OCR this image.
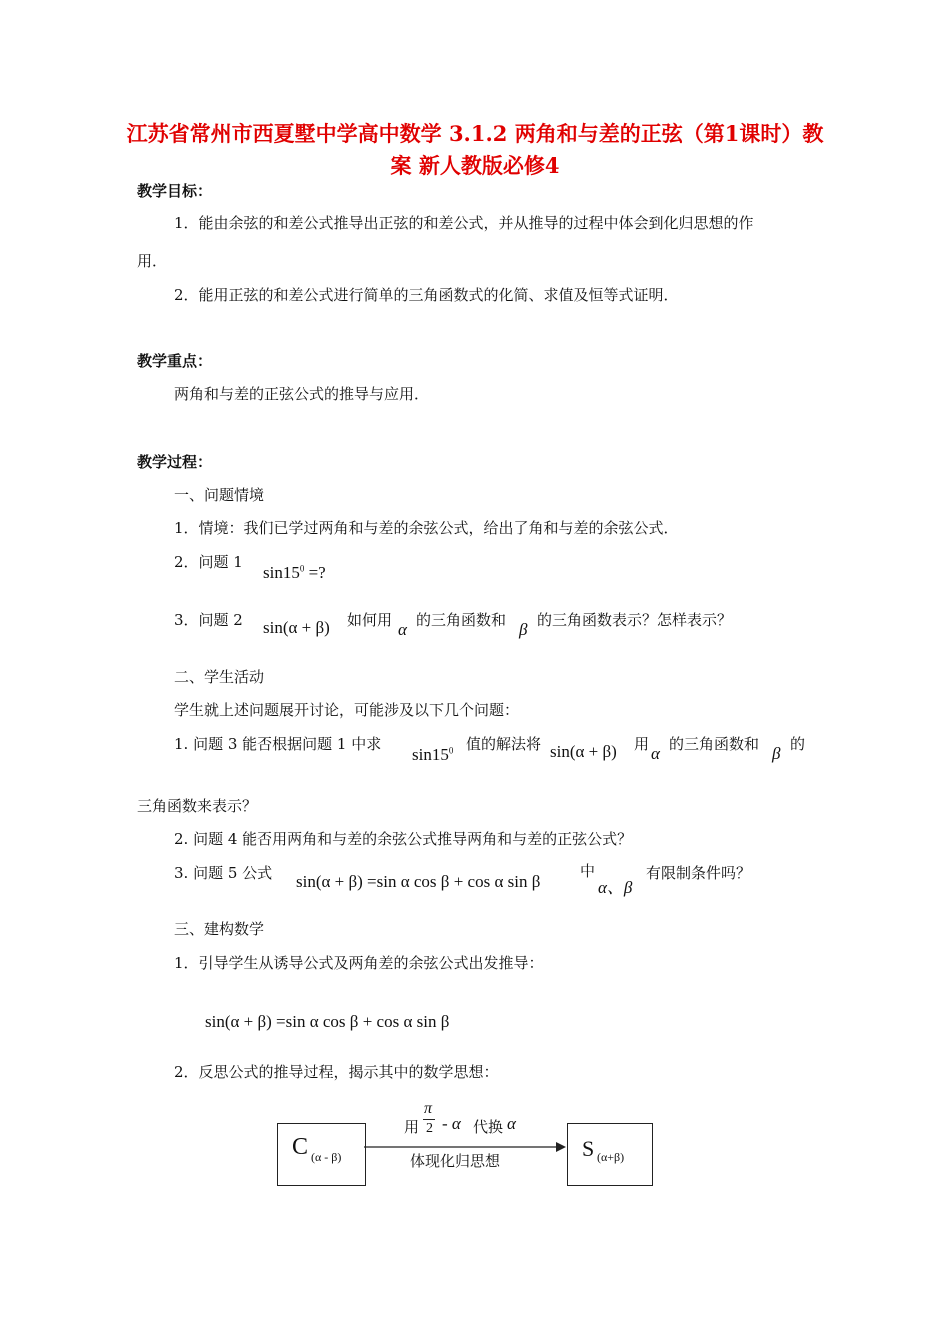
江苏省常州市西夏墅中学高中数学 3.1.2 两角和与差的正弦（第1课时）教案 新人教版必修4
教学目标：
1．能由余弦的和差公式推导出正弦的和差公式，并从推导的过程中体会到化归思想的作
用．
2．能用正弦的和差公式进行简单的三角函数式的化简、求值及恒等式证明．
教学重点：
两角和与差的正弦公式的推导与应用．
教学过程：
一、问题情境
1．情境：我们已学过两角和与差的余弦公式，给出了角和与差的余弦公式．
2．问题 1
$\sin 15^0$ =?
3．问题 2 sin(α + β) 如何用 α 的三角函数和 β 的三角函数表示？怎样表示？
二、学生活动
学生就上述问题展开讨论，可能涉及以下几个问题：
1. 问题 3 能否根据问题 1 中求
$\sin 15^0$ 值的解法将 sin(α + β) 用 α 的三角函数和 β 的
三角函数来表示？
2. 问题 4 能否用两角和与差的余弦公式推导两角和与差的正弦公式？
3. 问题 5 公式 sin(α + β) =sin α cos β + cos α sin β
中
α、β
有限制条件吗？
三、建构数学
1．引导学生从诱导公式及两角差的余弦公式出发推导：
sin(α + β) =sin α cos β + cos α sin β
2．反思公式的推导过程，揭示其中的数学思想：
C (α - β)
用
π
2 - α 代换 α
体现化归思想	S (α+β)
